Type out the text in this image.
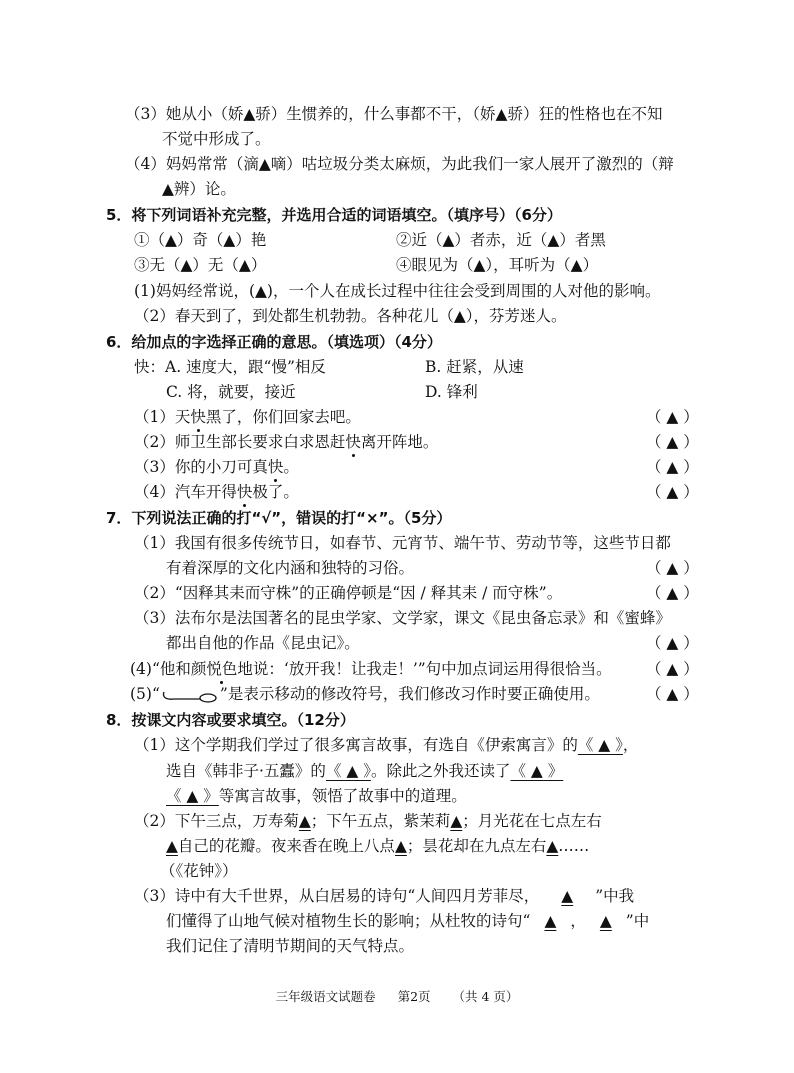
（3）她从小（娇▲骄）生惯养的，什么事都不干，（娇▲骄）狂的性格也在不知
不觉中形成了。
（4）妈妈常常（滴▲嘀）咕垃圾分类太麻烦，为此我们一家人展开了激烈的（辩
▲辨）论。
5．将下列词语补充完整，并选用合适的词语填空。（填序号）（6分）
①（▲）奇（▲）艳	②近（▲）者赤，近（▲）者黑
③无（▲）无（▲）	④眼见为（▲），耳听为（▲）
(1)妈妈经常说，(▲)，一个人在成长过程中往往会受到周围的人对他的影响。
（2）春天到了，到处都生机勃勃。各种花儿（▲），芬芳迷人。
6．给加点的字选择正确的意思。（填选项）（4分）
快：A. 速度大，跟“慢”相反	B. 赶紧，从速
C. 将，就要，接近	D. 锋利
（1）天快黑了，你们回家去吧。	（ ▲ ）
（2）师卫生部长要求白求恩赶快离开阵地。	（ ▲ ）
（3）你的小刀可真快。	（ ▲ ）
（4）汽车开得快极了。	（ ▲ ）
7．下列说法正确的打“√”，错误的打“×”。（5分）
（1）我国有很多传统节日，如春节、元宵节、端午节、劳动节等，这些节日都
有着深厚的文化内涵和独特的习俗。	（ ▲ ）
（2）“因释其耒而守株”的正确停顿是“因 / 释其耒 / 而守株”。	（ ▲ ）
（3）法布尔是法国著名的昆虫学家、文学家，课文《昆虫备忘录》和《蜜蜂》
都出自他的作品《昆虫记》。	（ ▲ ）
(4)“他和颜悦色地说：‘放开我！让我走！’”句中加点词运用得很恰当。 （ ▲ ）
(5)“	”是表示移动的修改符号，我们修改习作时要正确使用。	（ ▲ ）
8．按课文内容或要求填空。（12分）
（1）这个学期我们学过了很多寓言故事，有选自《伊索寓言》的《 ▲ 》，
选自《韩非子·五蠹》的《 ▲ 》。除此之外我还读了《 ▲ 》
《 ▲ 》等寓言故事，领悟了故事中的道理。
（2）下午三点，万寿菊▲；下午五点，紫茉莉▲；月光花在七点左右
▲自己的花瓣。夜来香在晚上八点▲；昙花却在九点左右▲……
（《花钟》）
（3）诗中有大千世界，从白居易的诗句“人间四月芳菲尽， ▲ ”中我
们懂得了山地气候对植物生长的影响；从杜牧的诗句“ ▲ ， ▲ ”中
我们记住了清明节期间的天气特点。
三年级语文试题卷 第2页 （共 4 页）
